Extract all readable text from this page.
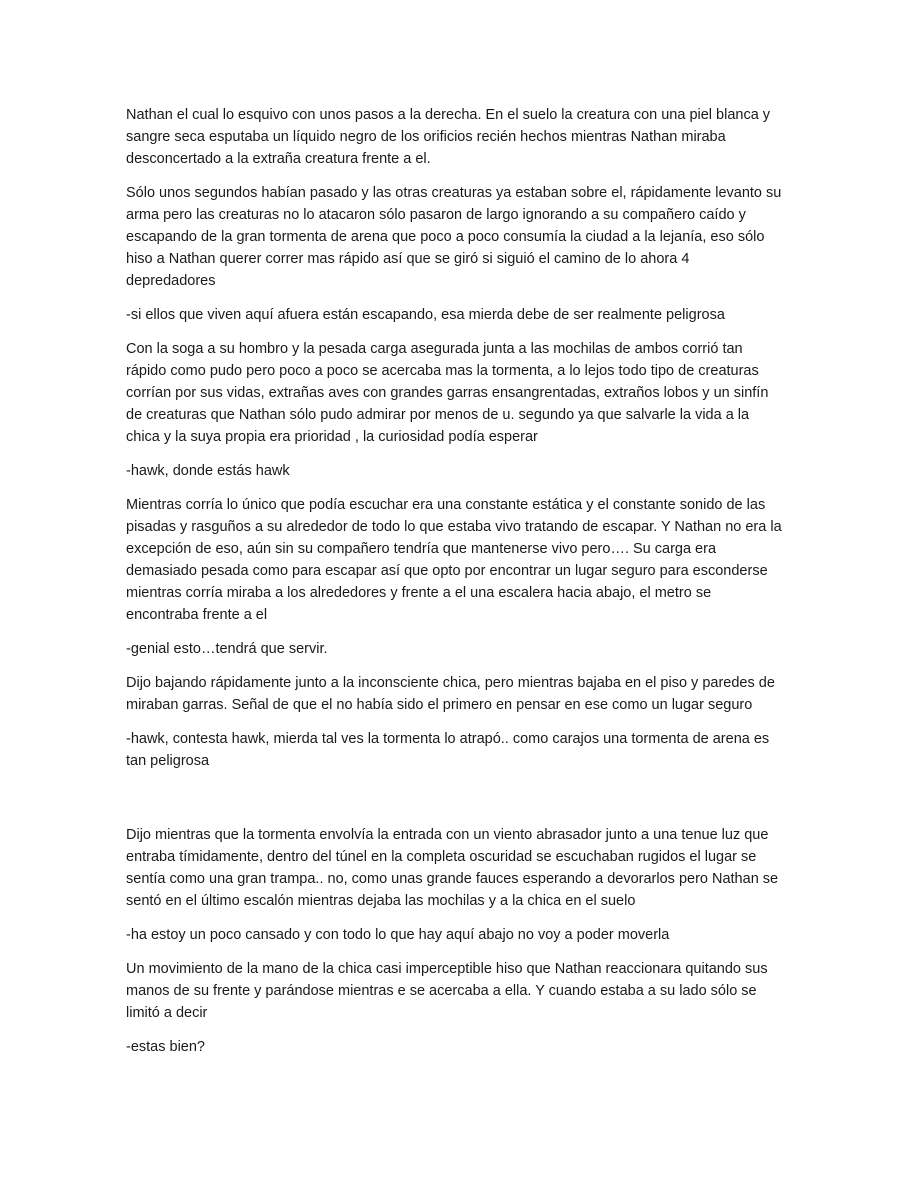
Nathan el cual lo esquivo con unos pasos a la derecha. En el suelo la creatura con una piel blanca y sangre seca esputaba un líquido negro de los orificios recién hechos mientras Nathan miraba desconcertado a la extraña creatura frente a el.

Sólo unos segundos habían pasado y las otras creaturas ya estaban sobre el, rápidamente levanto su arma pero las creaturas no lo atacaron sólo pasaron de largo ignorando a su compañero caído y escapando de la gran tormenta de arena que poco a poco consumía la ciudad a la lejanía, eso sólo hiso a Nathan querer correr mas rápido así que se giró si siguió el camino de lo ahora 4 depredadores

-si ellos que viven aquí afuera están escapando, esa mierda debe de ser realmente peligrosa

Con la soga a su hombro y la pesada carga asegurada junta a las mochilas de ambos corrió tan rápido como pudo pero poco a poco se acercaba mas la tormenta, a lo lejos todo tipo de creaturas corrían por sus vidas, extrañas aves con grandes garras ensangrentadas, extraños lobos y un sinfín de creaturas que Nathan sólo pudo admirar por menos de u. segundo ya que salvarle la vida a la chica y la suya propia era prioridad , la curiosidad podía esperar

-hawk, donde estás hawk

Mientras corría lo único que podía escuchar era una constante estática y el constante sonido de las pisadas y rasguños a su alrededor de todo lo que estaba vivo tratando de escapar. Y Nathan no era la excepción de eso, aún sin su compañero tendría que mantenerse vivo pero…. Su carga era demasiado pesada como para escapar así que opto por encontrar un lugar seguro para esconderse mientras corría miraba a los alrededores y frente a el una escalera hacia abajo, el metro se encontraba frente a el

-genial esto…tendrá que servir.

Dijo bajando rápidamente junto a la inconsciente chica, pero mientras bajaba en el piso y paredes de miraban garras. Señal de que el no había sido el primero en pensar en ese como un lugar seguro

-hawk, contesta hawk, mierda tal ves la tormenta lo atrapó.. como carajos una tormenta de arena es tan peligrosa

Dijo mientras que la tormenta envolvía la entrada con un viento abrasador junto a una tenue luz que entraba tímidamente, dentro del túnel en la completa oscuridad se escuchaban rugidos el lugar se sentía como una gran trampa.. no, como unas grande fauces esperando a devorarlos pero Nathan se sentó en el último escalón mientras dejaba las mochilas y a la chica en el suelo

-ha estoy un poco cansado y con todo lo que hay aquí abajo no voy a poder moverla

Un movimiento de la mano de la chica casi imperceptible hiso que Nathan reaccionara quitando sus manos de su frente y parándose mientras e se acercaba a ella. Y cuando estaba a su lado sólo se limitó a decir

-estas bien?
